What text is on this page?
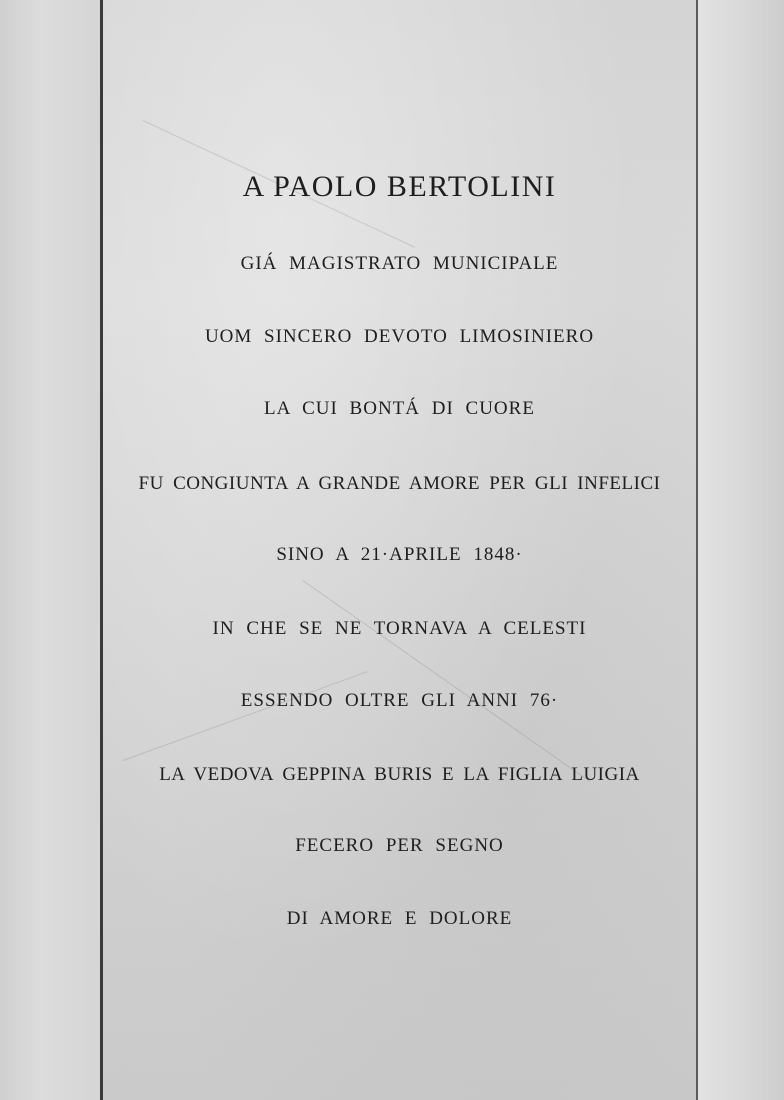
A PAOLO BERTOLINI
GIÁ MAGISTRATO MUNICIPALE
UOM SINCERO DEVOTO LIMOSINIERO
LA CUI BONTÁ DI CUORE
FU CONGIUNTA A GRANDE AMORE PER GLI INFELICI
SINO A 21·APRILE 1848·
IN CHE SE NE TORNAVA A CELESTI
ESSENDO OLTRE GLI ANNI 76·
LA VEDOVA GEPPINA BURIS E LA FIGLIA LUIGIA
FECERO PER SEGNO
DI AMORE E DOLORE
